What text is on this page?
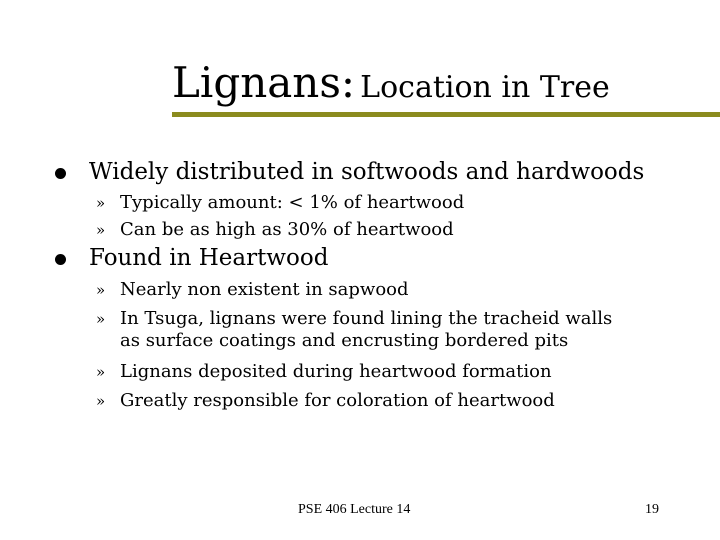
Lignans: Location in Tree
Widely distributed in softwoods and hardwoods
» Typically amount: < 1% of heartwood
» Can be as high as 30% of heartwood
Found in Heartwood
» Nearly non existent in sapwood
» In Tsuga, lignans were found lining the tracheid walls
as surface coatings and encrusting bordered pits
» Lignans deposited during heartwood formation
» Greatly responsible for coloration of heartwood
PSE 406 Lecture 14	19
